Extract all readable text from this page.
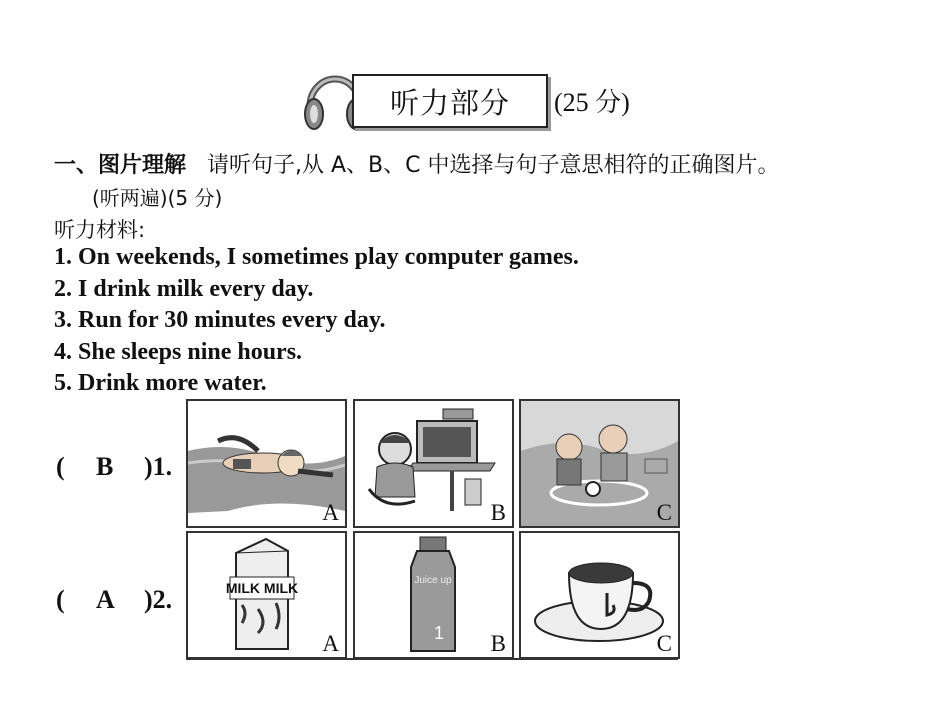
听力部分 (25 分)
一、图片理解 请听句子,从 A、B、C 中选择与句子意思相符的正确图片。
(听两遍)(5 分)
听力材料:
1. On weekends, I sometimes play computer games.
2. I drink milk every day.
3. Run for 30 minutes every day.
4. She sleeps nine hours.
5. Drink more water.
( B )1.
A	B	C
( A )2.	MILK MILK
A
Juice up
1 B	C
